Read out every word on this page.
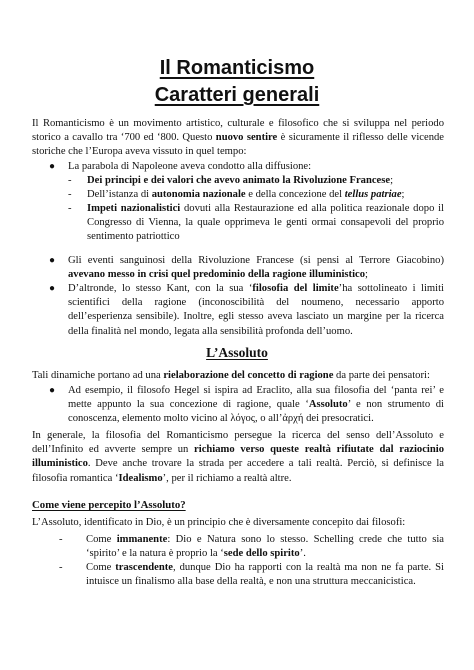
Il Romanticismo
Caratteri generali
Il Romanticismo è un movimento artistico, culturale e filosofico che si sviluppa nel periodo storico a cavallo tra ‘700 ed ‘800. Questo nuovo sentire è sicuramente il riflesso delle vicende storiche che l’Europa aveva vissuto in quel tempo:
● La parabola di Napoleone aveva condotto alla diffusione:
- Dei principi e dei valori che avevo animato la Rivoluzione Francese;
- Dell’istanza di autonomia nazionale e della concezione del tellus patriae;
- Impeti nazionalistici dovuti alla Restaurazione ed alla politica reazionale dopo il Congresso di Vienna, la quale opprimeva le genti ormai consapevoli del proprio sentimento patriottico
● Gli eventi sanguinosi della Rivoluzione Francese (si pensi al Terrore Giacobino) avevano messo in crisi quel predominio della ragione illuministico;
● D’altronde, lo stesso Kant, con la sua ‘filosofia del limite’ha sottolineato i limiti scientifici della ragione (inconoscibilità del noumeno, necessario apporto dell’esperienza sensibile). Inoltre, egli stesso aveva lasciato un margine per la ricerca della finalità nel mondo, legata alla sensibilità profonda dell’uomo.
L’Assoluto
Tali dinamiche portano ad una rielaborazione del concetto di ragione da parte dei pensatori:
● Ad esempio, il filosofo Hegel si ispira ad Eraclito, alla sua filosofia del ‘panta rei’ e mette appunto la sua concezione di ragione, quale ‘Assoluto’ e non strumento di conoscenza, elemento molto vicino al λόγος, o all’ἀρχή dei presocratici.
In generale, la filosofia del Romanticismo persegue la ricerca del senso dell’Assoluto e dell’Infinito ed avverte sempre un richiamo verso queste realtà rifiutate dal raziocinio illuministico. Deve anche trovare la strada per accedere a tali realtà. Perciò, si definisce la filosofia romantica ‘Idealismo’, per il richiamo a realtà altre.
Come viene percepito l’Assoluto?
L’Assoluto, identificato in Dio, è un principio che è diversamente concepito dai filosofi:
- Come immanente: Dio e Natura sono lo stesso. Schelling crede che tutto sia ‘spirito’ e la natura è proprio la ‘sede dello spirito’.
- Come trascendente, dunque Dio ha rapporti con la realtà ma non ne fa parte. Si intuisce un finalismo alla base della realtà, e non una struttura meccanicistica.
